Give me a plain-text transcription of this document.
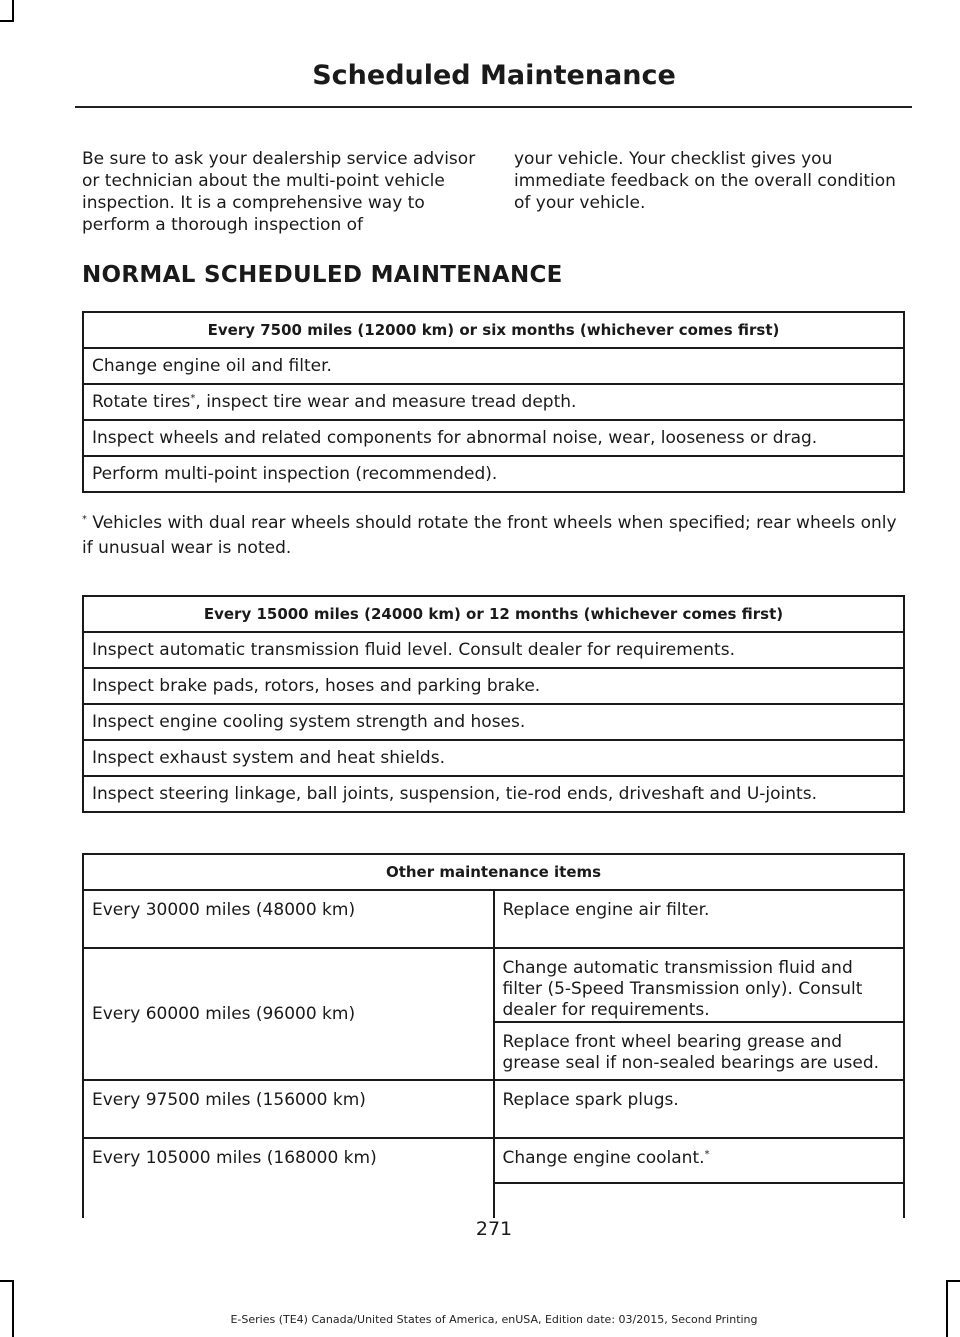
Scheduled Maintenance
Be sure to ask your dealership service advisor or technician about the multi-point vehicle inspection. It is a comprehensive way to perform a thorough inspection of
your vehicle. Your checklist gives you immediate feedback on the overall condition of your vehicle.
NORMAL SCHEDULED MAINTENANCE
Every 7500 miles (12000 km) or six months (whichever comes first)
Change engine oil and filter.
Rotate tires*, inspect tire wear and measure tread depth.
Inspect wheels and related components for abnormal noise, wear, looseness or drag.
Perform multi-point inspection (recommended).
* Vehicles with dual rear wheels should rotate the front wheels when specified; rear wheels only if unusual wear is noted.
Every 15000 miles (24000 km) or 12 months (whichever comes first)
Inspect automatic transmission fluid level. Consult dealer for requirements.
Inspect brake pads, rotors, hoses and parking brake.
Inspect engine cooling system strength and hoses.
Inspect exhaust system and heat shields.
Inspect steering linkage, ball joints, suspension, tie-rod ends, driveshaft and U-joints.
Other maintenance items	
Every 30000 miles (48000 km)	Replace engine air filter.
Every 60000 miles (96000 km)	Change automatic transmission fluid and filter (5-Speed Transmission only). Consult dealer for requirements.
	Replace front wheel bearing grease and grease seal if non-sealed bearings are used.
Every 97500 miles (156000 km)	Replace spark plugs.
Every 105000 miles (168000 km)	Change engine coolant.*

271
E-Series (TE4) Canada/United States of America, enUSA, Edition date: 03/2015, Second Printing
